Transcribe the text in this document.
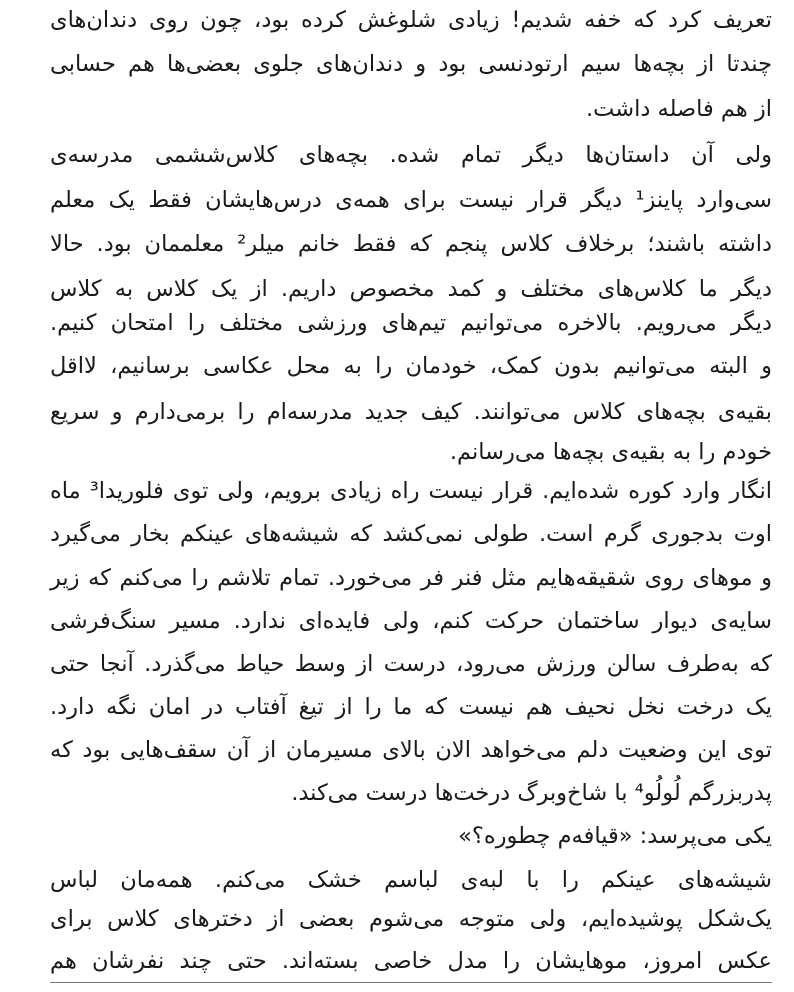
تعریف کرد که خفه شدیم! زیادی شلوغش کرده بود، چون روی دندان‌های
چندتا از بچه‌ها سیم ارتودنسی بود و دندان‌های جلوی بعضی‌ها هم حسابی
از هم فاصله داشت.
ولی آن داستان‌ها دیگر تمام شده. بچه‌های کلاس‌ششمی مدرسه‌ی
سی‌وارد پاینز¹ دیگر قرار نیست برای همه‌ی درس‌هایشان فقط یک معلم
داشته باشند؛ برخلاف کلاس پنجم که فقط خانم میلر² معلممان بود. حالا
دیگر ما کلاس‌های مختلف و کمد مخصوص داریم. از یک کلاس به کلاس
دیگر می‌رویم. بالاخره می‌توانیم تیم‌های ورزشی مختلف را امتحان کنیم.
و البته می‌توانیم بدون کمک، خودمان را به محل عکاسی برسانیم، لااقل
بقیه‌ی بچه‌های کلاس می‌توانند. کیف جدید مدرسه‌ام را برمی‌دارم و سریع
خودم را به بقیه‌ی بچه‌ها می‌رسانم.
انگار وارد کوره شده‌ایم. قرار نیست راه زیادی برویم، ولی توی فلوریدا³ ماه
اوت بدجوری گرم است. طولی نمی‌کشد که شیشه‌های عینکم بخار می‌گیرد
و موهای روی شقیقه‌هایم مثل فنر فر می‌خورد. تمام تلاشم را می‌کنم که زیر
سایه‌ی دیوار ساختمان حرکت کنم، ولی فایده‌ای ندارد. مسیر سنگ‌فرشی
که به‌طرف سالن ورزش می‌رود، درست از وسط حیاط می‌گذرد. آنجا حتی
یک درخت نخل نحیف هم نیست که ما را از تیغ آفتاب در امان نگه دارد.
توی این وضعیت دلم می‌خواهد الان بالای مسیرمان از آن سقف‌هایی بود که
پدربزرگم لُولُو⁴ با شاخ‌وبرگ درخت‌ها درست می‌کند.
یکی می‌پرسد: «قیافه‌م چطوره؟»
شیشه‌های عینکم را با لبه‌ی لباسم خشک می‌کنم. همه‌مان لباس
یک‌شکل پوشیده‌ایم، ولی متوجه می‌شوم بعضی از دخترهای کلاس برای
عکس امروز، موهایشان را مدل خاصی بسته‌اند. حتی چند نفرشان هم
